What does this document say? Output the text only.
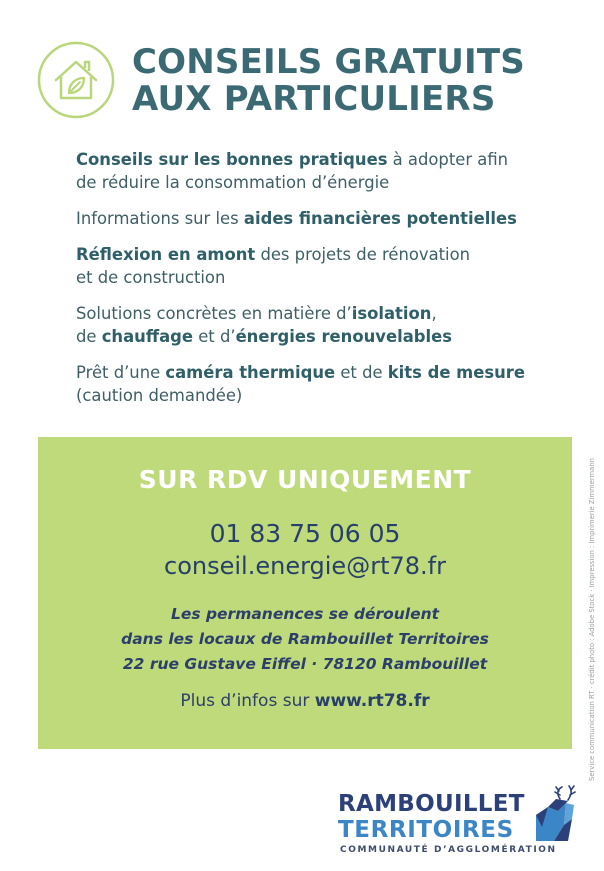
CONSEILS GRATUITS
AUX PARTICULIERS
Conseils sur les bonnes pratiques à adopter afin
de réduire la consommation d’énergie
Informations sur les aides financières potentielles
Réflexion en amont des projets de rénovation
et de construction
Solutions concrètes en matière d’isolation,
de chauffage et d’énergies renouvelables
Prêt d’une caméra thermique et de kits de mesure
(caution demandée)
SUR RDV UNIQUEMENT
01 83 75 06 05
conseil.energie@rt78.fr
Les permanences se déroulent
dans les locaux de Rambouillet Territoires
22 rue Gustave Eiffel · 78120 Rambouillet
Plus d’infos sur www.rt78.fr	Service communication RT · crédit photo : Adobe Stock · Impression : Imprimerie Zimmermann
RAMBOUILLET
TERRITOIRES
COMMUNAUTÉ D’AGGLOMÉRATION
